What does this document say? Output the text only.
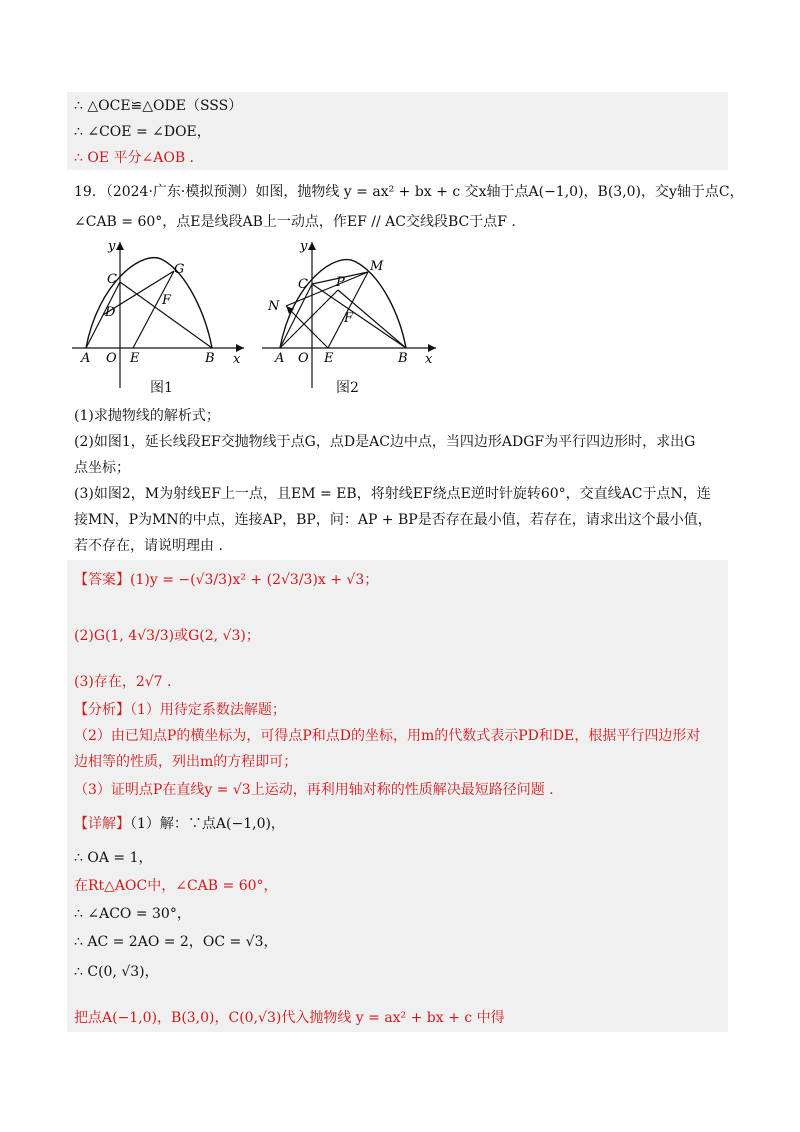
∴ △OCE≌△ODE（SSS）
∴ ∠COE = ∠DOE，
∴ OE 平分∠AOB .
19．（2024·广东·模拟预测）如图，抛物线 y = ax² + bx + c 交x轴于点A(−1,0)，B(3,0)，交y轴于点C，
∠CAB = 60°，点E是线段AB上一动点，作EF // AC交线段BC于点F .
y
x
C
G
F
D
A O E	B
图1
y
x
C P
M
F
N
A O E	B
图2
(1)求抛物线的解析式；
(2)如图1，延长线段EF交抛物线于点G，点D是AC边中点，当四边形ADGF为平行四边形时，求出G
点坐标；
(3)如图2，M为射线EF上一点，且EM = EB，将射线EF绕点E逆时针旋转60°，交直线AC于点N，连
接MN，P为MN的中点，连接AP，BP，问：AP + BP是否存在最小值，若存在，请求出这个最小值，
若不存在，请说明理由 .
【答案】(1)y = −(√3/3)x² + (2√3/3)x + √3；
(2)G(1, 4√3/3)或G(2, √3)；
(3)存在，2√7 .
【分析】（1）用待定系数法解题；
（2）由已知点P的横坐标为，可得点P和点D的坐标，用m的代数式表示PD和DE，根据平行四边形对
边相等的性质，列出m的方程即可；
（3）证明点P在直线y = √3上运动，再利用轴对称的性质解决最短路径问题 .
【详解】（1）解：∵点A(−1,0)，
∴ OA = 1，
在Rt△AOC中，∠CAB = 60°，
∴ ∠ACO = 30°，
∴ AC = 2AO = 2，OC = √3，
∴ C(0, √3)，
把点A(−1,0)，B(3,0)，C(0,√3)代入抛物线 y = ax² + bx + c 中得
